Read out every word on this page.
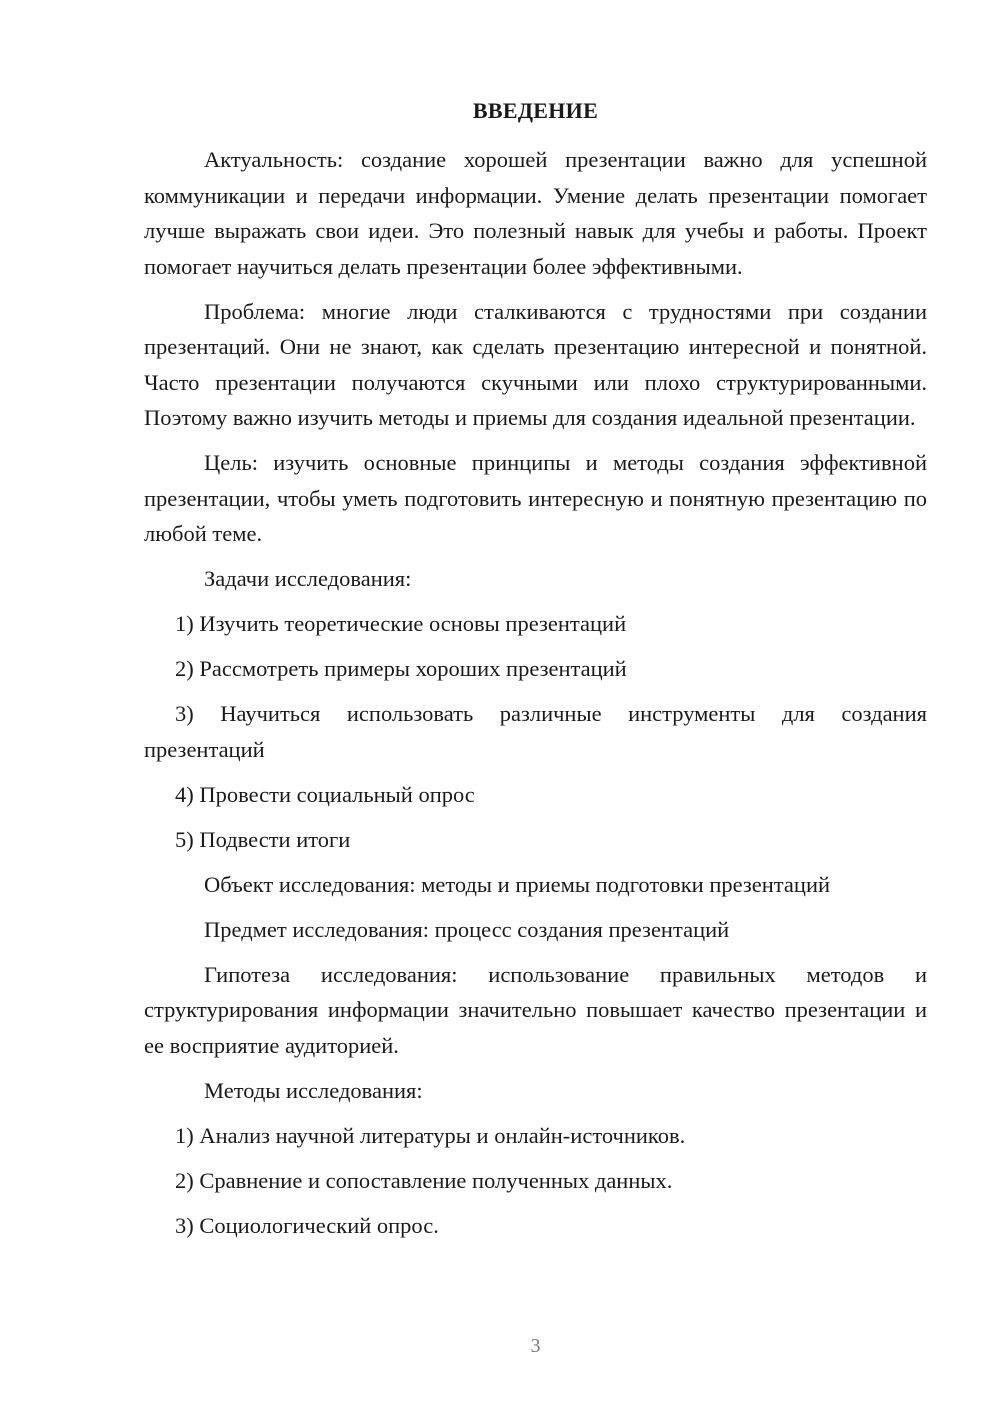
ВВЕДЕНИЕ

Актуальность: создание хорошей презентации важно для успешной коммуникации и передачи информации. Умение делать презентации помогает лучше выражать свои идеи. Это полезный навык для учебы и работы. Проект помогает научиться делать презентации более эффективными.

Проблема: многие люди сталкиваются с трудностями при создании презентаций. Они не знают, как сделать презентацию интересной и понятной. Часто презентации получаются скучными или плохо структурированными. Поэтому важно изучить методы и приемы для создания идеальной презентации.

Цель: изучить основные принципы и методы создания эффективной презентации, чтобы уметь подготовить интересную и понятную презентацию по любой теме.

Задачи исследования:

1) Изучить теоретические основы презентаций

2) Рассмотреть примеры хороших презентаций

3) Научиться использовать различные инструменты для создания презентаций

4) Провести социальный опрос

5) Подвести итоги

Объект исследования: методы и приемы подготовки презентаций

Предмет исследования: процесс создания презентаций

Гипотеза исследования: использование правильных методов и структурирования информации значительно повышает качество презентации и ее восприятие аудиторией.

Методы исследования:

1) Анализ научной литературы и онлайн-источников.

2) Сравнение и сопоставление полученных данных.

3) Социологический опрос.

3
